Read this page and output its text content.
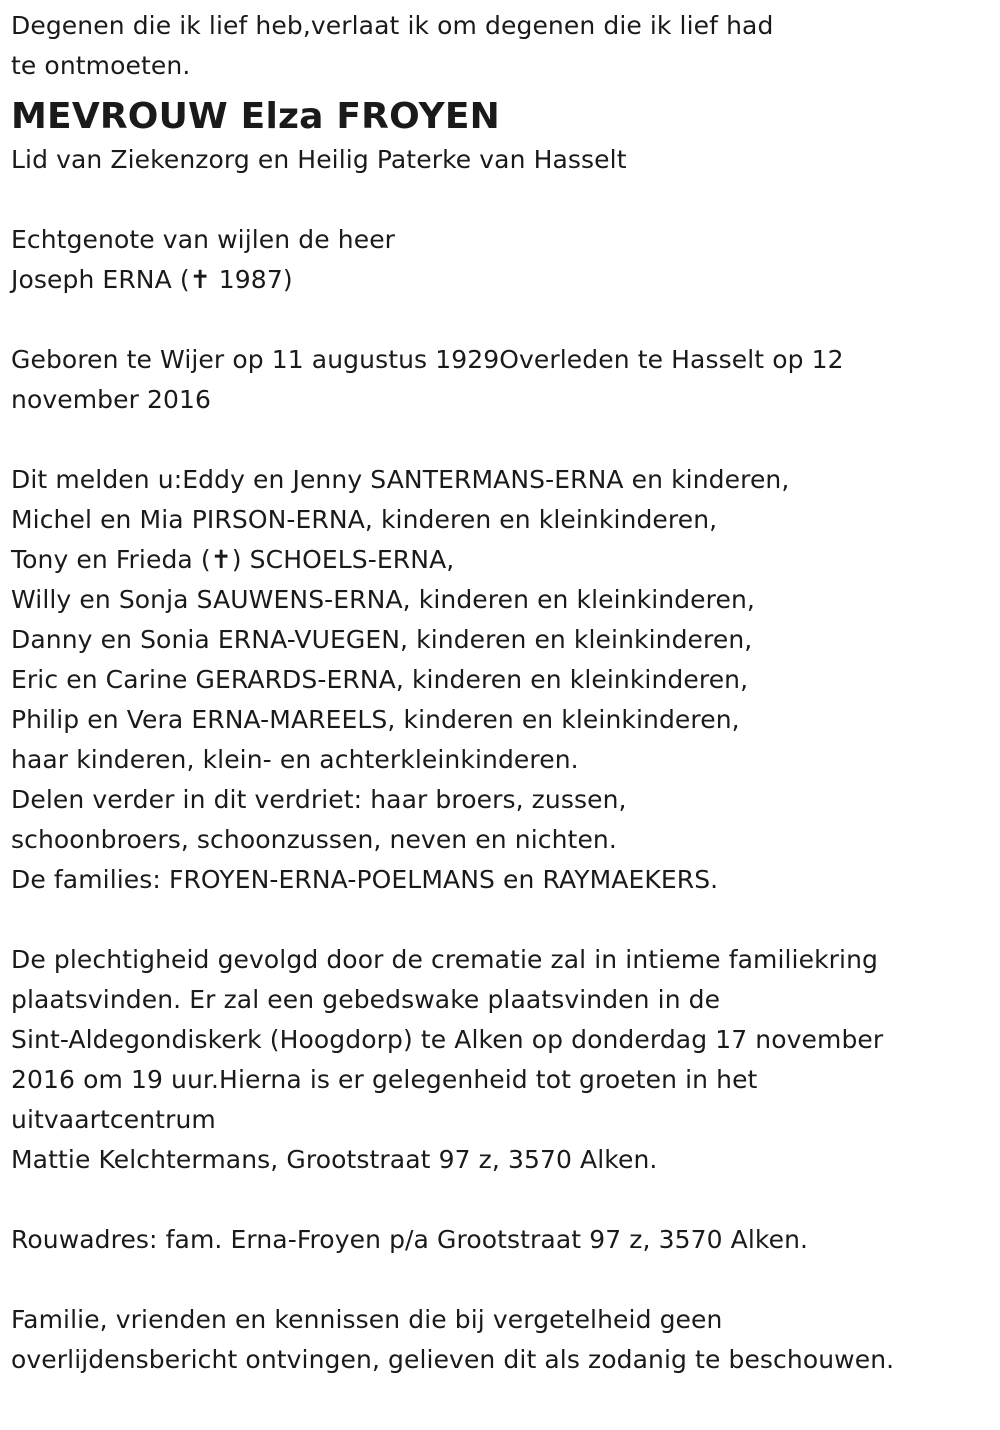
Degenen die ik lief heb,verlaat ik om degenen die ik lief had
te ontmoeten.
MEVROUW Elza FROYEN
Lid van Ziekenzorg en Heilig Paterke van Hasselt
Echtgenote van wijlen de heer
Joseph ERNA (✝ 1987)
Geboren te Wijer op 11 augustus 1929Overleden te Hasselt op 12
november 2016
Dit melden u:Eddy en Jenny SANTERMANS-ERNA en kinderen,
Michel en Mia PIRSON-ERNA, kinderen en kleinkinderen,
Tony en Frieda (✝) SCHOELS-ERNA,
Willy en Sonja SAUWENS-ERNA, kinderen en kleinkinderen,
Danny en Sonia ERNA-VUEGEN, kinderen en kleinkinderen,
Eric en Carine GERARDS-ERNA, kinderen en kleinkinderen,
Philip en Vera ERNA-MAREELS, kinderen en kleinkinderen,
haar kinderen, klein- en achterkleinkinderen.
Delen verder in dit verdriet: haar broers, zussen,
schoonbroers, schoonzussen, neven en nichten.
De families: FROYEN-ERNA-POELMANS en RAYMAEKERS.
De plechtigheid gevolgd door de crematie zal in intieme familiekring
plaatsvinden. Er zal een gebedswake plaatsvinden in de
Sint-Aldegondiskerk (Hoogdorp) te Alken op donderdag 17 november
2016 om 19 uur.Hierna is er gelegenheid tot groeten in het
uitvaartcentrum
Mattie Kelchtermans, Grootstraat 97 z, 3570 Alken.
Rouwadres: fam. Erna-Froyen p/a Grootstraat 97 z, 3570 Alken.
Familie, vrienden en kennissen die bij vergetelheid geen
overlijdensbericht ontvingen, gelieven dit als zodanig te beschouwen.
